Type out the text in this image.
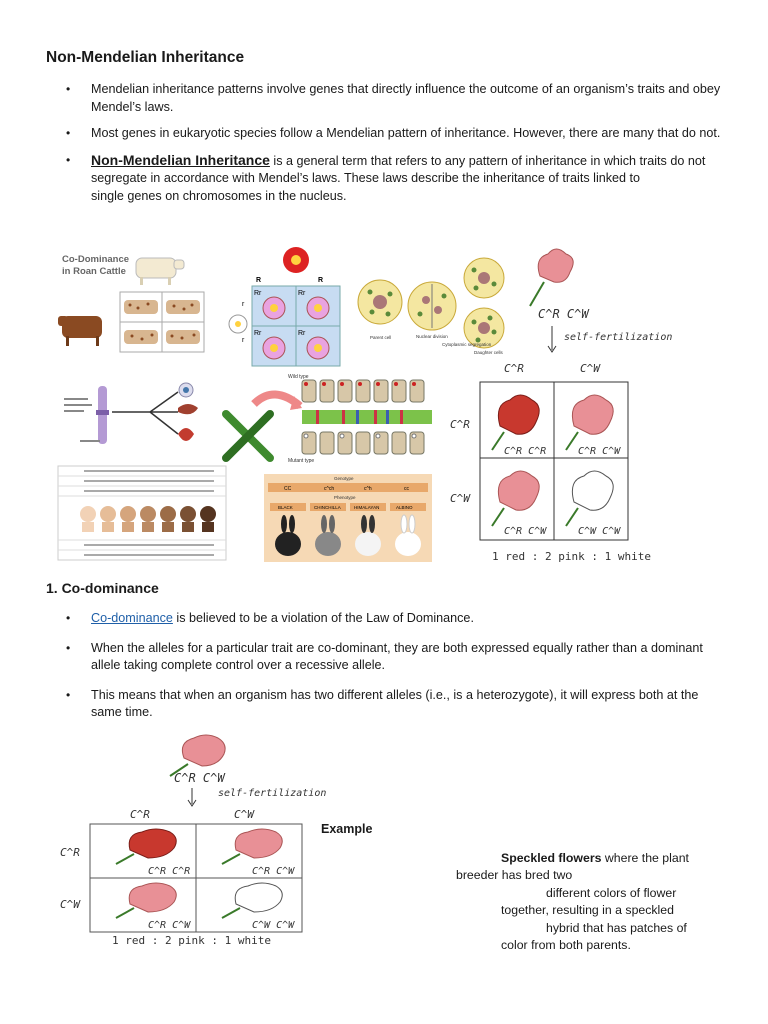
Non-Mendelian Inheritance
• Mendelian inheritance patterns involve genes that directly influence the outcome of an organism’s traits and obey Mendel’s laws.
• Most genes in eukaryotic species follow a Mendelian pattern of inheritance. However, there are many that do not.
• Non-Mendelian Inheritance is a general term that refers to any pattern of inheritance in which traits do not segregate in accordance with Mendel’s laws. These laws describe the inheritance of traits linked to
single genes on chromosomes in the nucleus.
Co-Dominance
in Roan Cattle
R	R
r
r
Rr	Rr
Rr	Rr
Parent cell	Nuclear division
Cytoplasmic segregation
Daughter cells
Wild type
Mutant type
Genotype
CC	c^ch	c^h	cc
Phenotype
BLACK	CHINCHILLA	HIMALAYAN	ALBINO
C^R C^W
self-fertilization
C^R	C^W
C^R
C^W
C^R C^R	C^R C^W
C^R C^W	C^W C^W
1 red : 2 pink : 1 white
1. Co-dominance
• Co-dominance is believed to be a violation of the Law of Dominance.
• When the alleles for a particular trait are co-dominant, they are both expressed equally rather than a dominant allele taking complete control over a recessive allele.
• This means that when an organism has two different alleles (i.e., is a heterozygote), it will express both at the same time.
C^R C^W
self-fertilization
C^R	C^W
C^R
C^W
C^R C^R	C^R C^W
C^R C^W	C^W C^W
1 red : 2 pink : 1 white
Example
Speckled flowers where the plant
breeder has bred two
different colors of flower
together, resulting in a speckled
hybrid that has patches of
color from both parents.
